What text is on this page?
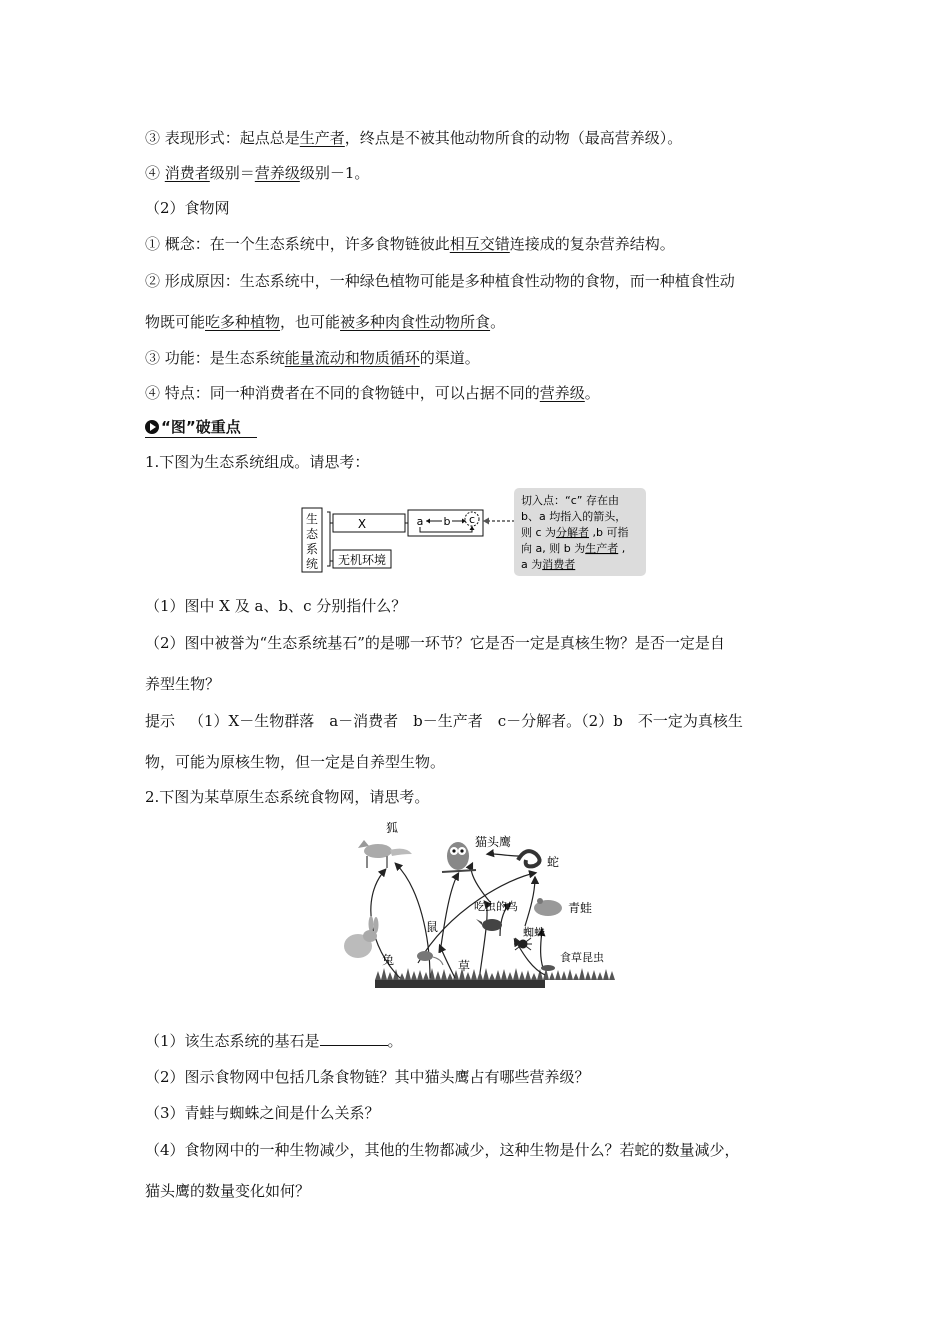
③ 表现形式：起点总是生产者，终点是不被其他动物所食的动物（最高营养级）。
④ 消费者级别＝营养级级别－1。
（2）食物网
① 概念：在一个生态系统中，许多食物链彼此相互交错连接成的复杂营养结构。
② 形成原因：生态系统中，一种绿色植物可能是多种植食性动物的食物，而一种植食性动
物既可能吃多种植物，也可能被多种肉食性动物所食。
③ 功能：是生态系统能量流动和物质循环的渠道。
④ 特点：同一种消费者在不同的食物链中，可以占据不同的营养级。
“图”破重点
1.下图为生态系统组成。请思考：
生
态
系
统
X	a b c
无机环境
切入点：“c” 存在由
b、a 均指入的箭头，
则 c 为分解者 ,b 可指
向 a, 则 b 为生产者 ,
a 为消费者
（1）图中 X 及 a、b、c 分别指什么？
（2）图中被誉为“生态系统基石”的是哪一环节？它是否一定是真核生物？是否一定是自
养型生物？
提示 （1）X－生物群落　a－消费者　b－生产者　c－分解者。（2）b　不一定为真核生
物，可能为原核生物，但一定是自养型生物。
2.下图为某草原生态系统食物网，请思考。
狐
猫头鹰
蛇
吃虫的鸟	青蛙
蜘蛛
鼠
兔	草
食草昆虫
（1）该生态系统的基石是	。
（2）图示食物网中包括几条食物链？其中猫头鹰占有哪些营养级？
（3）青蛙与蜘蛛之间是什么关系？
（4）食物网中的一种生物减少，其他的生物都减少，这种生物是什么？若蛇的数量减少，
猫头鹰的数量变化如何？
